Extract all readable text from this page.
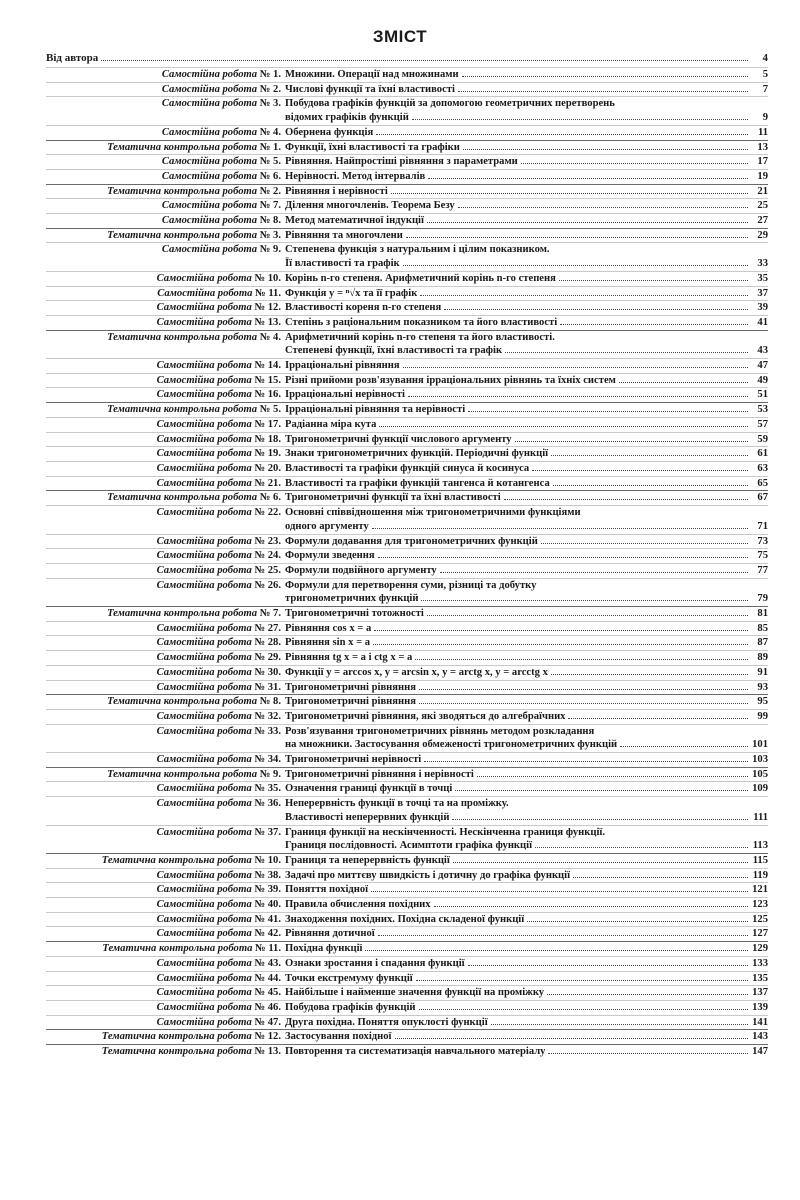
ЗМІСТ
Від автора	4
Самостійна робота № 1. Множини. Операції над множинами	5
Самостійна робота № 2. Числові функції та їхні властивості	7
Самостійна робота № 3. Побудова графіків функцій за допомогою геометричних перетворень
відомих графіків функцій	9
Самостійна робота № 4. Обернена функція	11
Тематична контрольна робота № 1. Функції, їхні властивості та графіки	13
Самостійна робота № 5. Рівняння. Найпростіші рівняння з параметрами	17
Самостійна робота № 6. Нерівності. Метод інтервалів	19
Тематична контрольна робота № 2. Рівняння і нерівності	21
Самостійна робота № 7. Ділення многочленів. Теорема Безу	25
Самостійна робота № 8. Метод математичної індукції	27
Тематична контрольна робота № 3. Рівняння та многочлени	29
Самостійна робота № 9. Степенева функція з натуральним і цілим показником.
Її властивості та графік	33
Самостійна робота № 10. Корінь n-го степеня. Арифметичний корінь n-го степеня	35
Самостійна робота № 11. Функція y = ⁿ√x та її графік	37
Самостійна робота № 12. Властивості кореня n-го степеня	39
Самостійна робота № 13. Степінь з раціональним показником та його властивості	41
Тематична контрольна робота № 4. Арифметичний корінь n-го степеня та його властивості.
Степеневі функції, їхні властивості та графік	43
Самостійна робота № 14. Ірраціональні рівняння	47
Самостійна робота № 15. Різні прийоми розв'язування ірраціональних рівнянь та їхніх систем	49
Самостійна робота № 16. Ірраціональні нерівності	51
Тематична контрольна робота № 5. Ірраціональні рівняння та нерівності	53
Самостійна робота № 17. Радіанна міра кута	57
Самостійна робота № 18. Тригонометричні функції числового аргументу	59
Самостійна робота № 19. Знаки тригонометричних функцій. Періодичні функції	61
Самостійна робота № 20. Властивості та графіки функцій синуса й косинуса	63
Самостійна робота № 21. Властивості та графіки функцій тангенса й котангенса	65
Тематична контрольна робота № 6. Тригонометричні функції та їхні властивості	67
Самостійна робота № 22. Основні співвідношення між тригонометричними функціями
одного аргументу	71
Самостійна робота № 23. Формули додавання для тригонометричних функцій	73
Самостійна робота № 24. Формули зведення	75
Самостійна робота № 25. Формули подвійного аргументу	77
Самостійна робота № 26. Формули для перетворення суми, різниці та добутку
тригонометричних функцій	79
Тематична контрольна робота № 7. Тригонометричні тотожності	81
Самостійна робота № 27. Рівняння cos x = a	85
Самостійна робота № 28. Рівняння sin x = a	87
Самостійна робота № 29. Рівняння tg x = a і ctg x = a	89
Самостійна робота № 30. Функції y = arccos x, y = arcsin x, y = arctg x, y = arcctg x	91
Самостійна робота № 31. Тригонометричні рівняння	93
Тематична контрольна робота № 8. Тригонометричні рівняння	95
Самостійна робота № 32. Тригонометричні рівняння, які зводяться до алгебраїчних	99
Самостійна робота № 33. Розв'язування тригонометричних рівнянь методом розкладання
на множники. Застосування обмеженості тригонометричних функцій	101
Самостійна робота № 34. Тригонометричні нерівності	103
Тематична контрольна робота № 9. Тригонометричні рівняння і нерівності	105
Самостійна робота № 35. Означення границі функції в точці	109
Самостійна робота № 36. Неперервність функції в точці та на проміжку.
Властивості неперервних функцій	111
Самостійна робота № 37. Границя функції на нескінченності. Нескінченна границя функції.
Границя послідовності. Асимптоти графіка функції	113
Тематична контрольна робота № 10. Границя та неперервність функції	115
Самостійна робота № 38. Задачі про миттєву швидкість і дотичну до графіка функції	119
Самостійна робота № 39. Поняття похідної	121
Самостійна робота № 40. Правила обчислення похідних	123
Самостійна робота № 41. Знаходження похідних. Похідна складеної функції	125
Самостійна робота № 42. Рівняння дотичної	127
Тематична контрольна робота № 11. Похідна функції	129
Самостійна робота № 43. Ознаки зростання і спадання функції	133
Самостійна робота № 44. Точки екстремуму функції	135
Самостійна робота № 45. Найбільше і найменше значення функції на проміжку	137
Самостійна робота № 46. Побудова графіків функцій	139
Самостійна робота № 47. Друга похідна. Поняття опуклості функції	141
Тематична контрольна робота № 12. Застосування похідної	143
Тематична контрольна робота № 13. Повторення та систематизація навчального матеріалу	147
